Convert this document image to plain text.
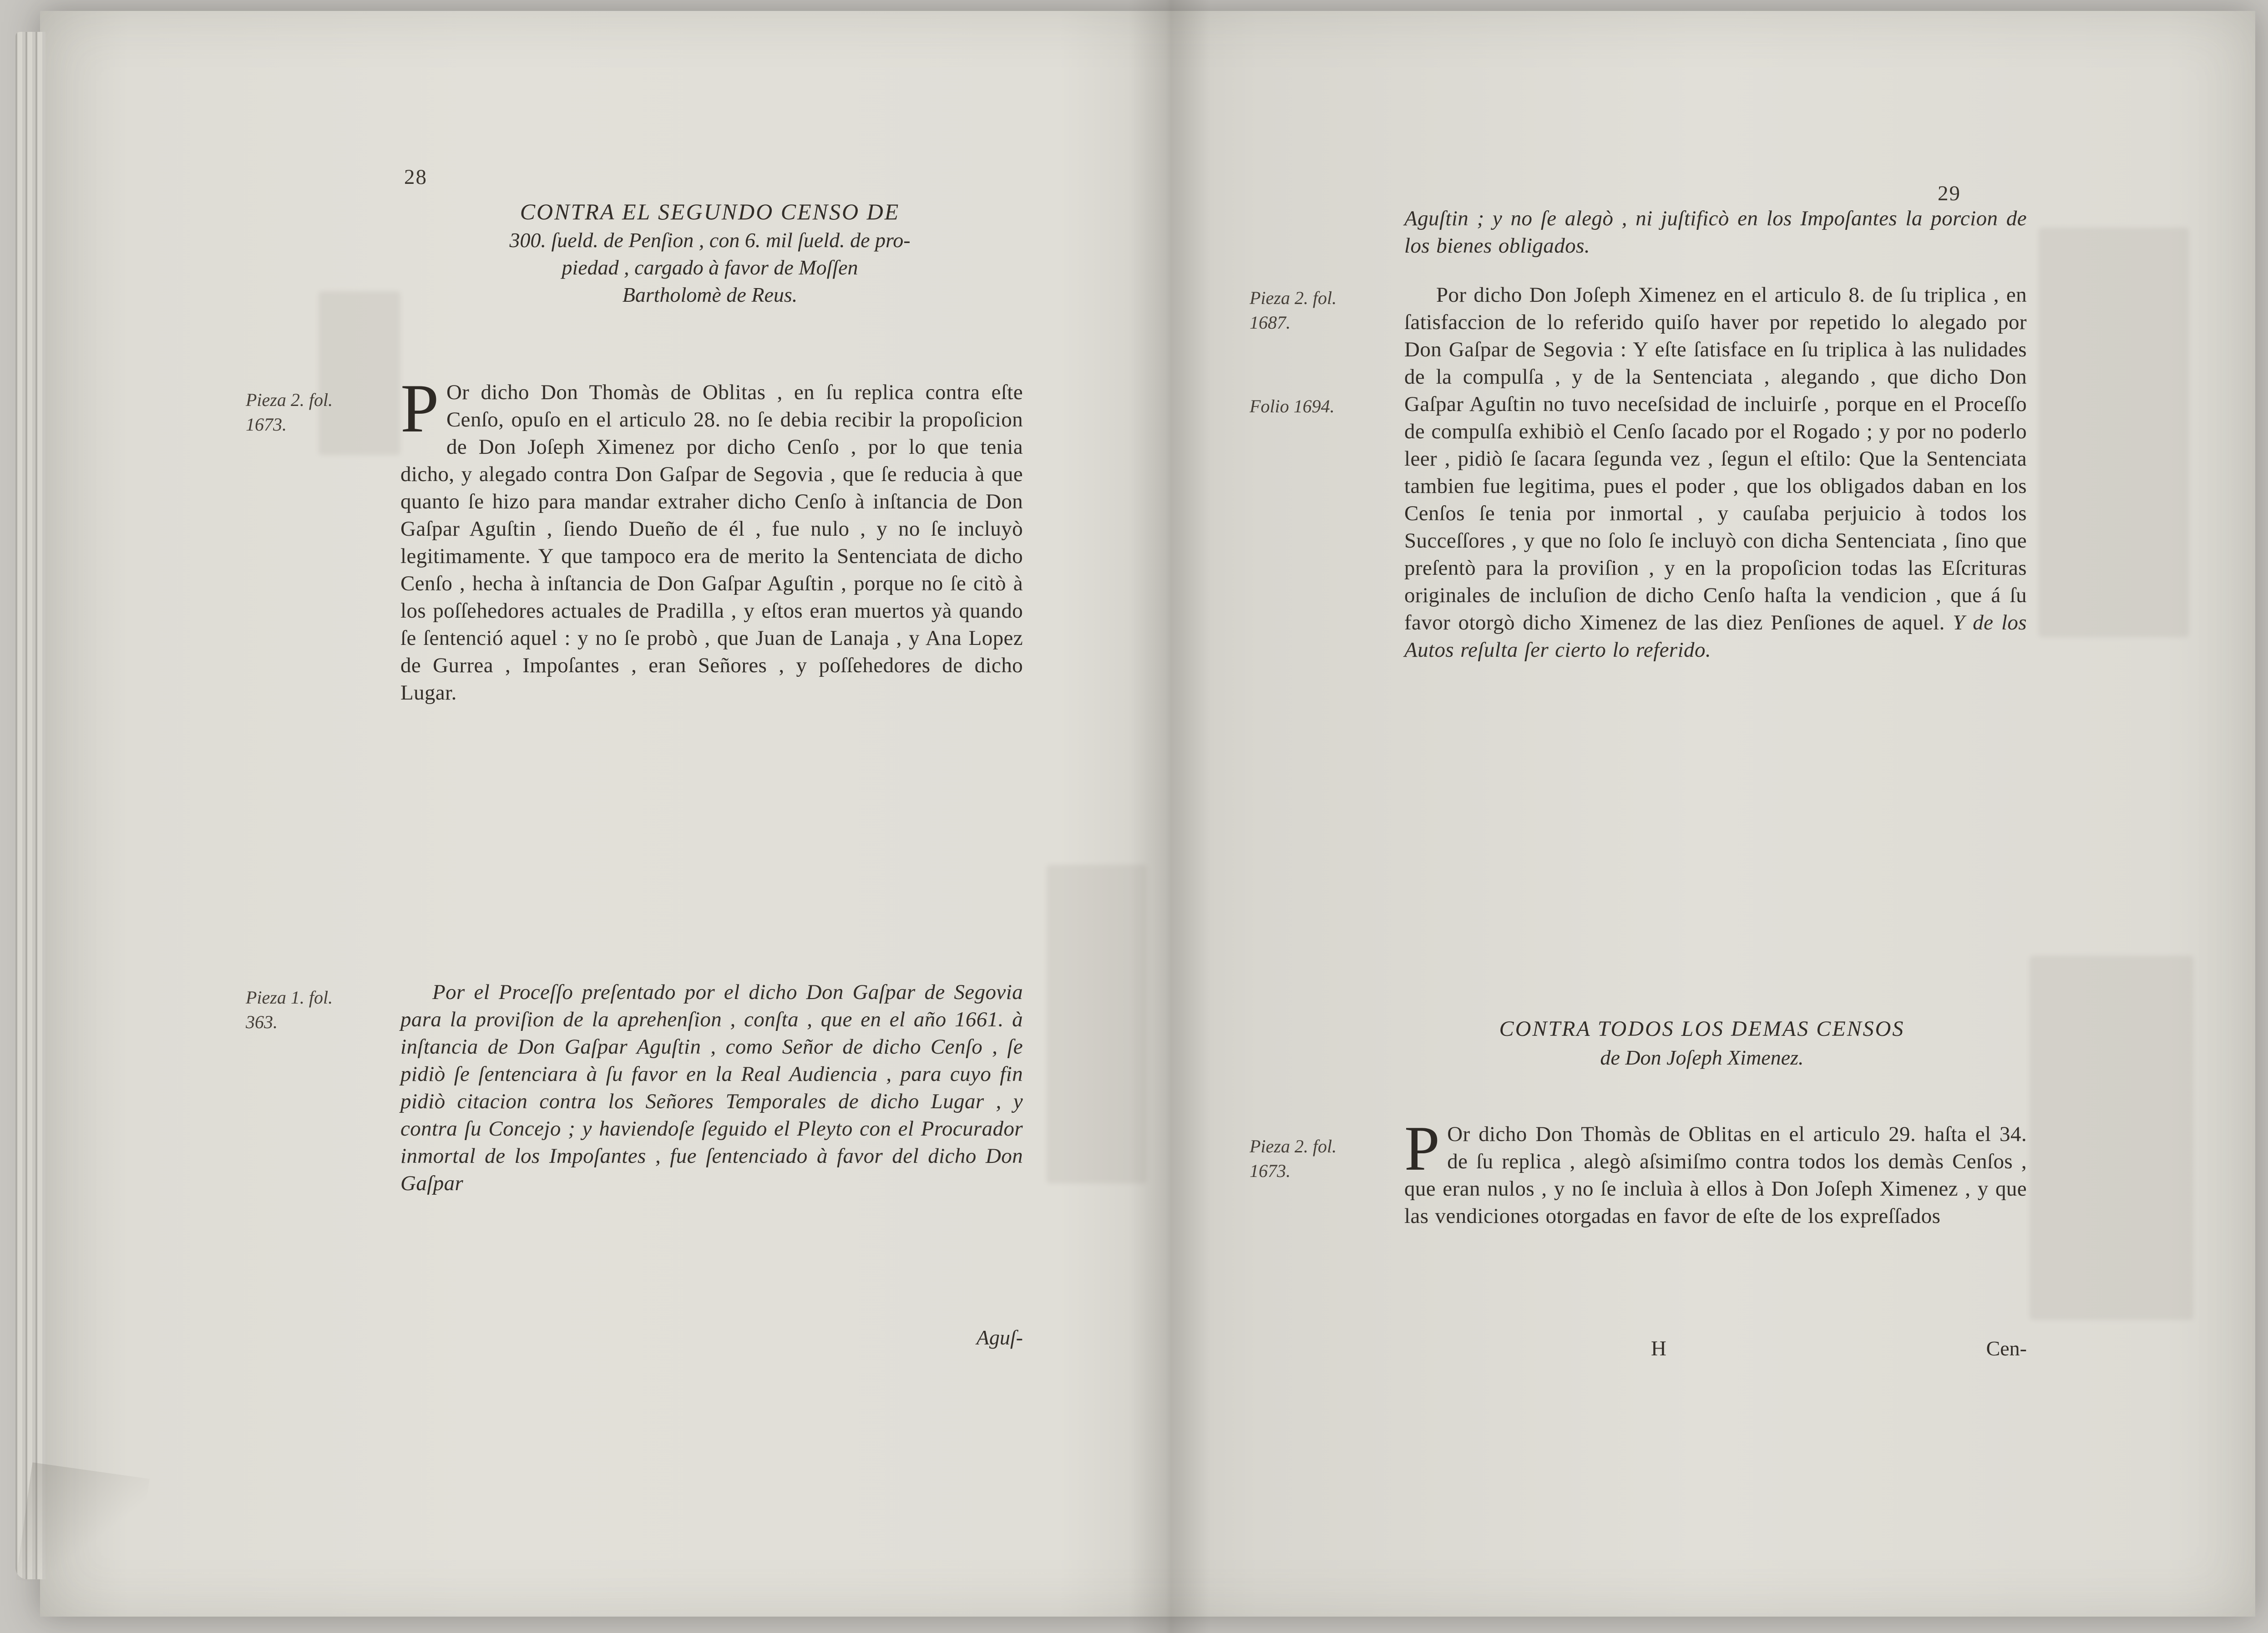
28
CONTRA EL SEGUNDO CENSO DE
300. ſueld. de Penſion , con 6. mil ſueld. de pro-
piedad , cargado à favor de Moſſen
Bartholomè de Reus.
Pieza 2. fol.
1673.	P Or dicho Don Thomàs de Oblitas , en ſu replica contra eſte Cenſo, opuſo en el articulo 28. no ſe debia recibir la propoſicion de Don Joſeph Ximenez por dicho Cenſo , por lo que tenia dicho, y alegado contra Don Gaſpar de Segovia , que ſe reducia à que quanto ſe hizo para mandar extraher dicho Cenſo à inſtancia de Don Gaſpar Aguſtin , ſiendo Dueño de él , fue nulo , y no ſe incluyò legitimamente. Y que tampoco era de merito la Sentenciata de dicho Cenſo , hecha à inſtancia de Don Gaſpar Aguſtin , porque no ſe citò à los poſſehedores actuales de Pradilla , y eſtos eran muertos yà quando ſe ſentenció aquel : y no ſe probò , que Juan de Lanaja , y Ana Lopez de Gurrea , Impoſantes , eran Señores , y poſſehedores de dicho Lugar.
Pieza 1. fol.
363.
Por el Proceſſo preſentado por el dicho Don Gaſpar de Segovia para la proviſion de la aprehenſion , conſta , que en el año 1661. à inſtancia de Don Gaſpar Aguſtin , como Señor de dicho Cenſo , ſe pidiò ſe ſentenciara à ſu favor en la Real Audiencia , para cuyo fin pidiò citacion contra los Señores Temporales de dicho Lugar , y contra ſu Concejo ; y haviendoſe ſeguido el Pleyto con el Procurador inmortal de los Impoſantes , fue ſentenciado à favor del dicho Don Gaſpar
Aguſ-
29
Aguſtin ; y no ſe alegò , ni juſtificò en los Impoſantes la porcion de los bienes obligados.
Pieza 2. fol.
1687.
Folio 1694.
Por dicho Don Joſeph Ximenez en el articulo 8. de ſu triplica , en ſatisfaccion de lo referido quiſo haver por repetido lo alegado por Don Gaſpar de Segovia : Y eſte ſatisface en ſu triplica à las nulidades de la compulſa , y de la Sentenciata , alegando , que dicho Don Gaſpar Aguſtin no tuvo neceſsidad de incluirſe , porque en el Proceſſo de compulſa exhibiò el Cenſo ſacado por el Rogado ; y por no poderlo leer , pidiò ſe ſacara ſegunda vez , ſegun el eſtilo: Que la Sentenciata tambien fue legitima, pues el poder , que los obligados daban en los Cenſos ſe tenia por inmortal , y cauſaba perjuicio à todos los Succeſſores , y que no ſolo ſe incluyò con dicha Sentenciata , ſino que preſentò para la proviſion , y en la propoſicion todas las Eſcrituras originales de incluſion de dicho Cenſo haſta la vendicion , que á ſu favor otorgò dicho Ximenez de las diez Penſiones de aquel. Y de los Autos reſulta ſer cierto lo referido.
CONTRA TODOS LOS DEMAS CENSOS
de Don Joſeph Ximenez.
Pieza 2. fol.
1673.	P Or dicho Don Thomàs de Oblitas en el articulo 29. haſta el 34. de ſu replica , alegò aſsimiſmo contra todos los demàs Cenſos , que eran nulos , y no ſe incluìa à ellos à Don Joſeph Ximenez , y que las vendiciones otorgadas en favor de eſte de los expreſſados
H	Cen-
